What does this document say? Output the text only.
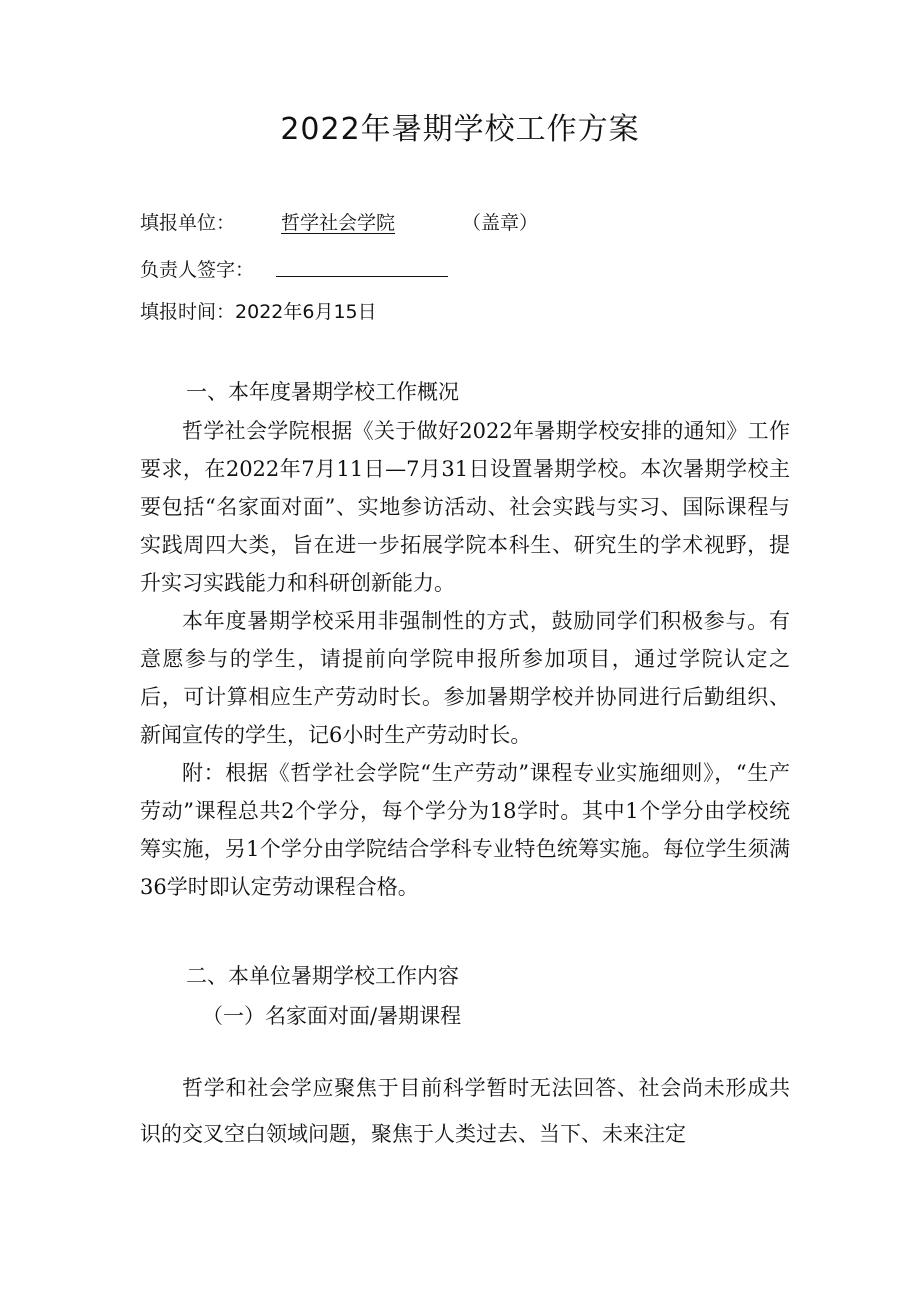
2022年暑期学校工作方案
填报单位： 哲学社会学院	（盖章）
负责人签字：
填报时间：2022年6月15日
一、本年度暑期学校工作概况

哲学社会学院根据《关于做好2022年暑期学校安排的通知》工作要求，在2022年7月11日—7月31日设置暑期学校。本次暑期学校主要包括“名家面对面”、实地参访活动、社会实践与实习、国际课程与实践周四大类，旨在进一步拓展学院本科生、研究生的学术视野，提升实习实践能力和科研创新能力。

本年度暑期学校采用非强制性的方式，鼓励同学们积极参与。有意愿参与的学生，请提前向学院申报所参加项目，通过学院认定之后，可计算相应生产劳动时长。参加暑期学校并协同进行后勤组织、新闻宣传的学生，记6小时生产劳动时长。

附：根据《哲学社会学院“生产劳动”课程专业实施细则》，“生产劳动”课程总共2个学分，每个学分为18学时。其中1个学分由学校统筹实施，另1个学分由学院结合学科专业特色统筹实施。每位学生须满36学时即认定劳动课程合格。

二、本单位暑期学校工作内容
（一）名家面对面/暑期课程

哲学和社会学应聚焦于目前科学暂时无法回答、社会尚未形成共识的交叉空白领域问题，聚焦于人类过去、当下、未来注定
